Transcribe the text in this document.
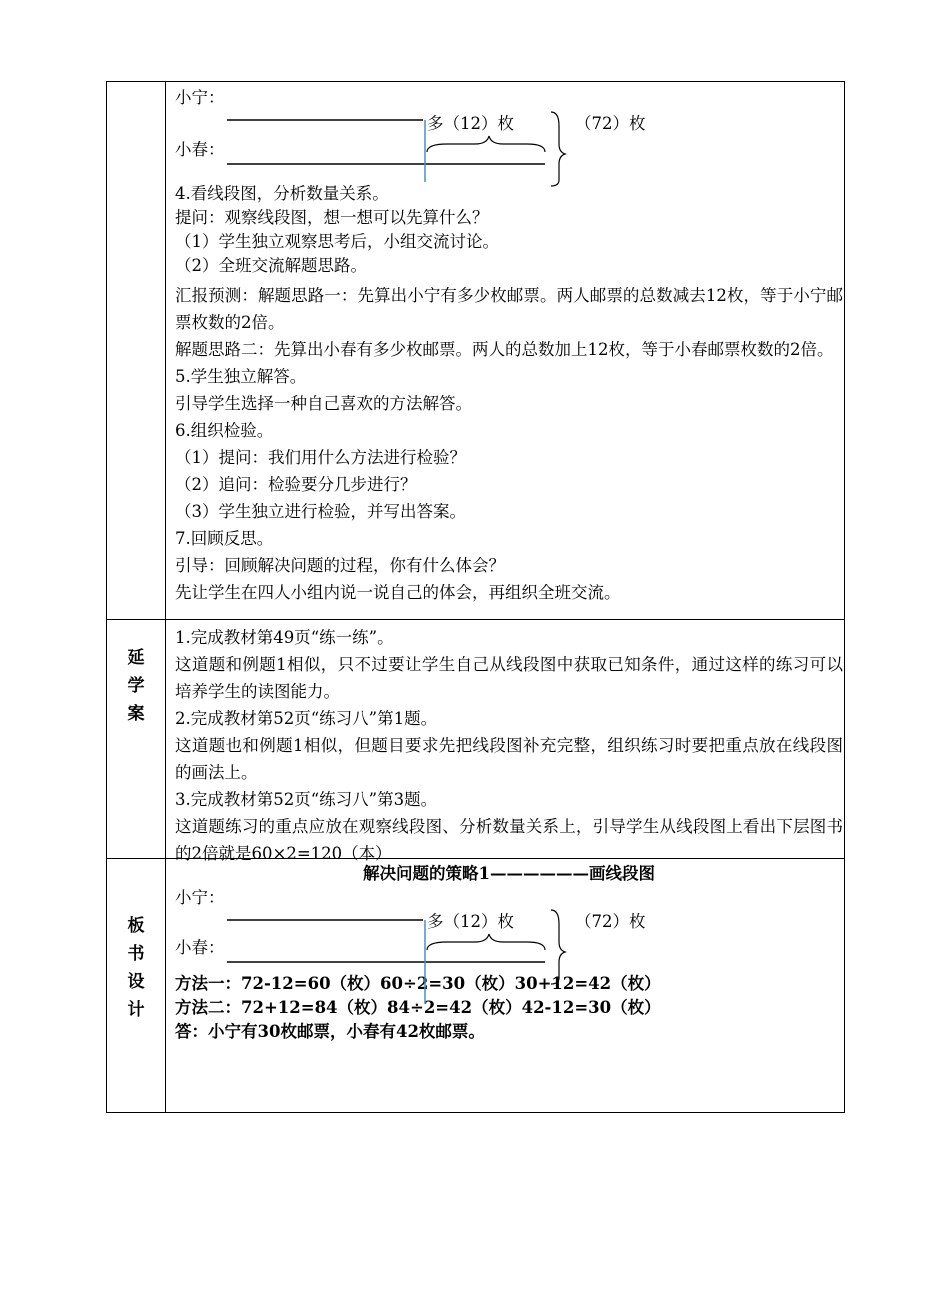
小宁：
小春：
多（12）枚	（72）枚

4.看线段图，分析数量关系。

提问：观察线段图，想一想可以先算什么？

（1）学生独立观察思考后，小组交流讨论。

（2）全班交流解题思路。

汇报预测：解题思路一：先算出小宁有多少枚邮票。两人邮票的总数减去12枚，等于小宁邮票枚数的2倍。

解题思路二：先算出小春有多少枚邮票。两人的总数加上12枚，等于小春邮票枚数的2倍。

5.学生独立解答。

引导学生选择一种自己喜欢的方法解答。

6.组织检验。

（1）提问：我们用什么方法进行检验？

（2）追问：检验要分几步进行？

（3）学生独立进行检验，并写出答案。

7.回顾反思。

引导：回顾解决问题的过程，你有什么体会？

先让学生在四人小组内说一说自己的体会，再组织全班交流。

延
学
案

1.完成教材第49页“练一练”。

这道题和例题1相似，只不过要让学生自己从线段图中获取已知条件，通过这样的练习可以培养学生的读图能力。

2.完成教材第52页“练习八”第1题。

这道题也和例题1相似，但题目要求先把线段图补充完整，组织练习时要把重点放在线段图的画法上。

3.完成教材第52页“练习八”第3题。

这道题练习的重点应放在观察线段图、分析数量关系上，引导学生从线段图上看出下层图书的2倍就是60×2=120（本）

板
书
设
计

解决问题的策略1——————画线段图

小宁：
小春：
多（12）枚	（72）枚

方法一：72-12=60（枚）60÷2=30（枚）30+12=42（枚）

方法二：72+12=84（枚）84÷2=42（枚）42-12=30（枚）

答：小宁有30枚邮票，小春有42枚邮票。
